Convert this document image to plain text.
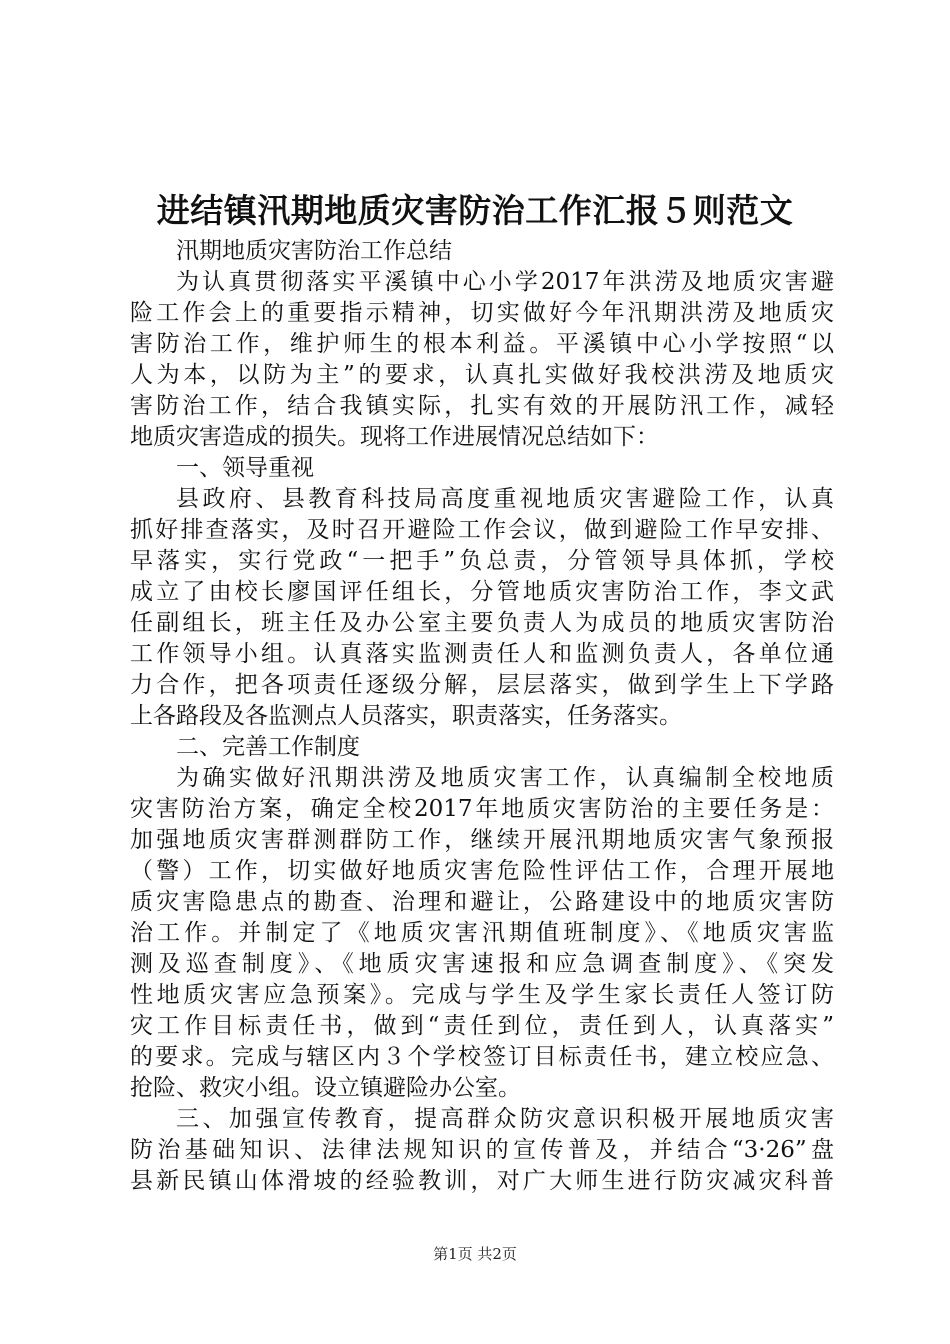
进结镇汛期地质灾害防治工作汇报５则范文
汛期地质灾害防治工作总结
为认真贯彻落实平溪镇中心小学2017年洪涝及地质灾害避
险工作会上的重要指示精神，切实做好今年汛期洪涝及地质灾
害防治工作，维护师生的根本利益。平溪镇中心小学按照“以
人为本，以防为主”的要求，认真扎实做好我校洪涝及地质灾
害防治工作，结合我镇实际，扎实有效的开展防汛工作，减轻
地质灾害造成的损失。现将工作进展情况总结如下：
一、领导重视
县政府、县教育科技局高度重视地质灾害避险工作，认真
抓好排查落实，及时召开避险工作会议，做到避险工作早安排、
早落实，实行党政“一把手”负总责，分管领导具体抓，学校
成立了由校长廖国评任组长，分管地质灾害防治工作，李文武
任副组长，班主任及办公室主要负责人为成员的地质灾害防治
工作领导小组。认真落实监测责任人和监测负责人，各单位通
力合作，把各项责任逐级分解，层层落实，做到学生上下学路
上各路段及各监测点人员落实，职责落实，任务落实。
二、完善工作制度
为确实做好汛期洪涝及地质灾害工作，认真编制全校地质
灾害防治方案，确定全校2017年地质灾害防治的主要任务是：
加强地质灾害群测群防工作，继续开展汛期地质灾害气象预报
（警）工作，切实做好地质灾害危险性评估工作，合理开展地
质灾害隐患点的勘查、治理和避让，公路建设中的地质灾害防
治工作。并制定了《地质灾害汛期值班制度》、《地质灾害监
测及巡查制度》、《地质灾害速报和应急调查制度》、《突发
性地质灾害应急预案》。完成与学生及学生家长责任人签订防
灾工作目标责任书，做到“责任到位，责任到人，认真落实”
的要求。完成与辖区内３个学校签订目标责任书，建立校应急、
抢险、救灾小组。设立镇避险办公室。
三、加强宣传教育，提高群众防灾意识积极开展地质灾害
防治基础知识、法律法规知识的宣传普及，并结合“3·26”盘
县新民镇山体滑坡的经验教训，对广大师生进行防灾减灾科普
第1页 共2页
